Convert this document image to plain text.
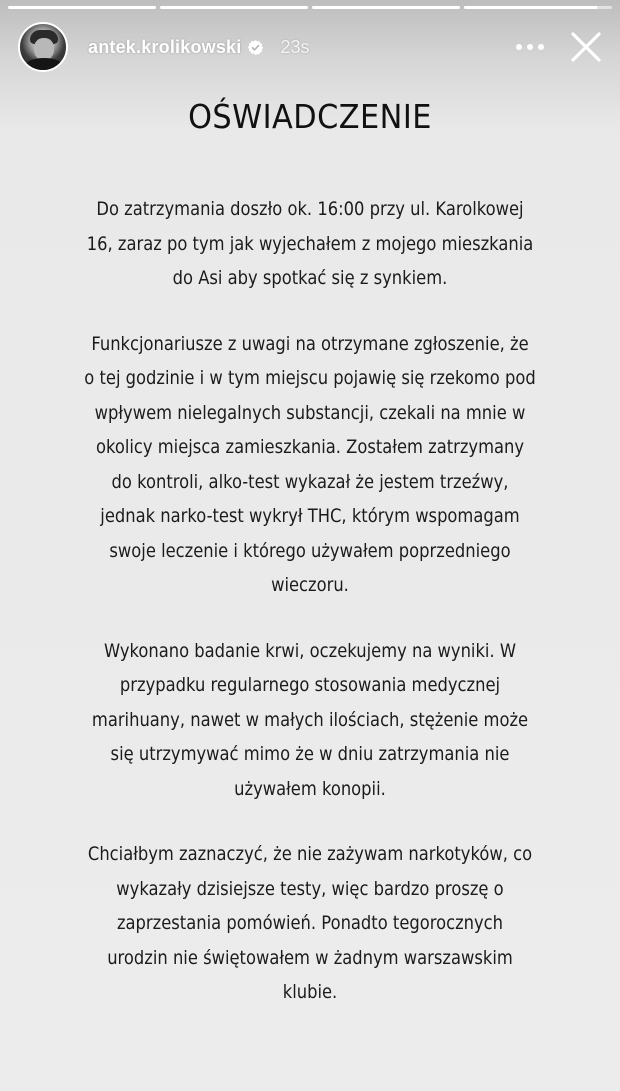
antek.krolikowski 23s
OŚWIADCZENIE
Do zatrzymania doszło ok. 16:00 przy ul. Karolkowej
16, zaraz po tym jak wyjechałem z mojego mieszkania
do Asi aby spotkać się z synkiem.
Funkcjonariusze z uwagi na otrzymane zgłoszenie, że
o tej godzinie i w tym miejscu pojawię się rzekomo pod
wpływem nielegalnych substancji, czekali na mnie w
okolicy miejsca zamieszkania. Zostałem zatrzymany
do kontroli, alko-test wykazał że jestem trzeźwy,
jednak narko-test wykrył THC, którym wspomagam
swoje leczenie i którego używałem poprzedniego
wieczoru.
Wykonano badanie krwi, oczekujemy na wyniki. W
przypadku regularnego stosowania medycznej
marihuany, nawet w małych ilościach, stężenie może
się utrzymywać mimo że w dniu zatrzymania nie
używałem konopii.
Chciałbym zaznaczyć, że nie zażywam narkotyków, co
wykazały dzisiejsze testy, więc bardzo proszę o
zaprzestania pomówień. Ponadto tegorocznych
urodzin nie świętowałem w żadnym warszawskim
klubie.
